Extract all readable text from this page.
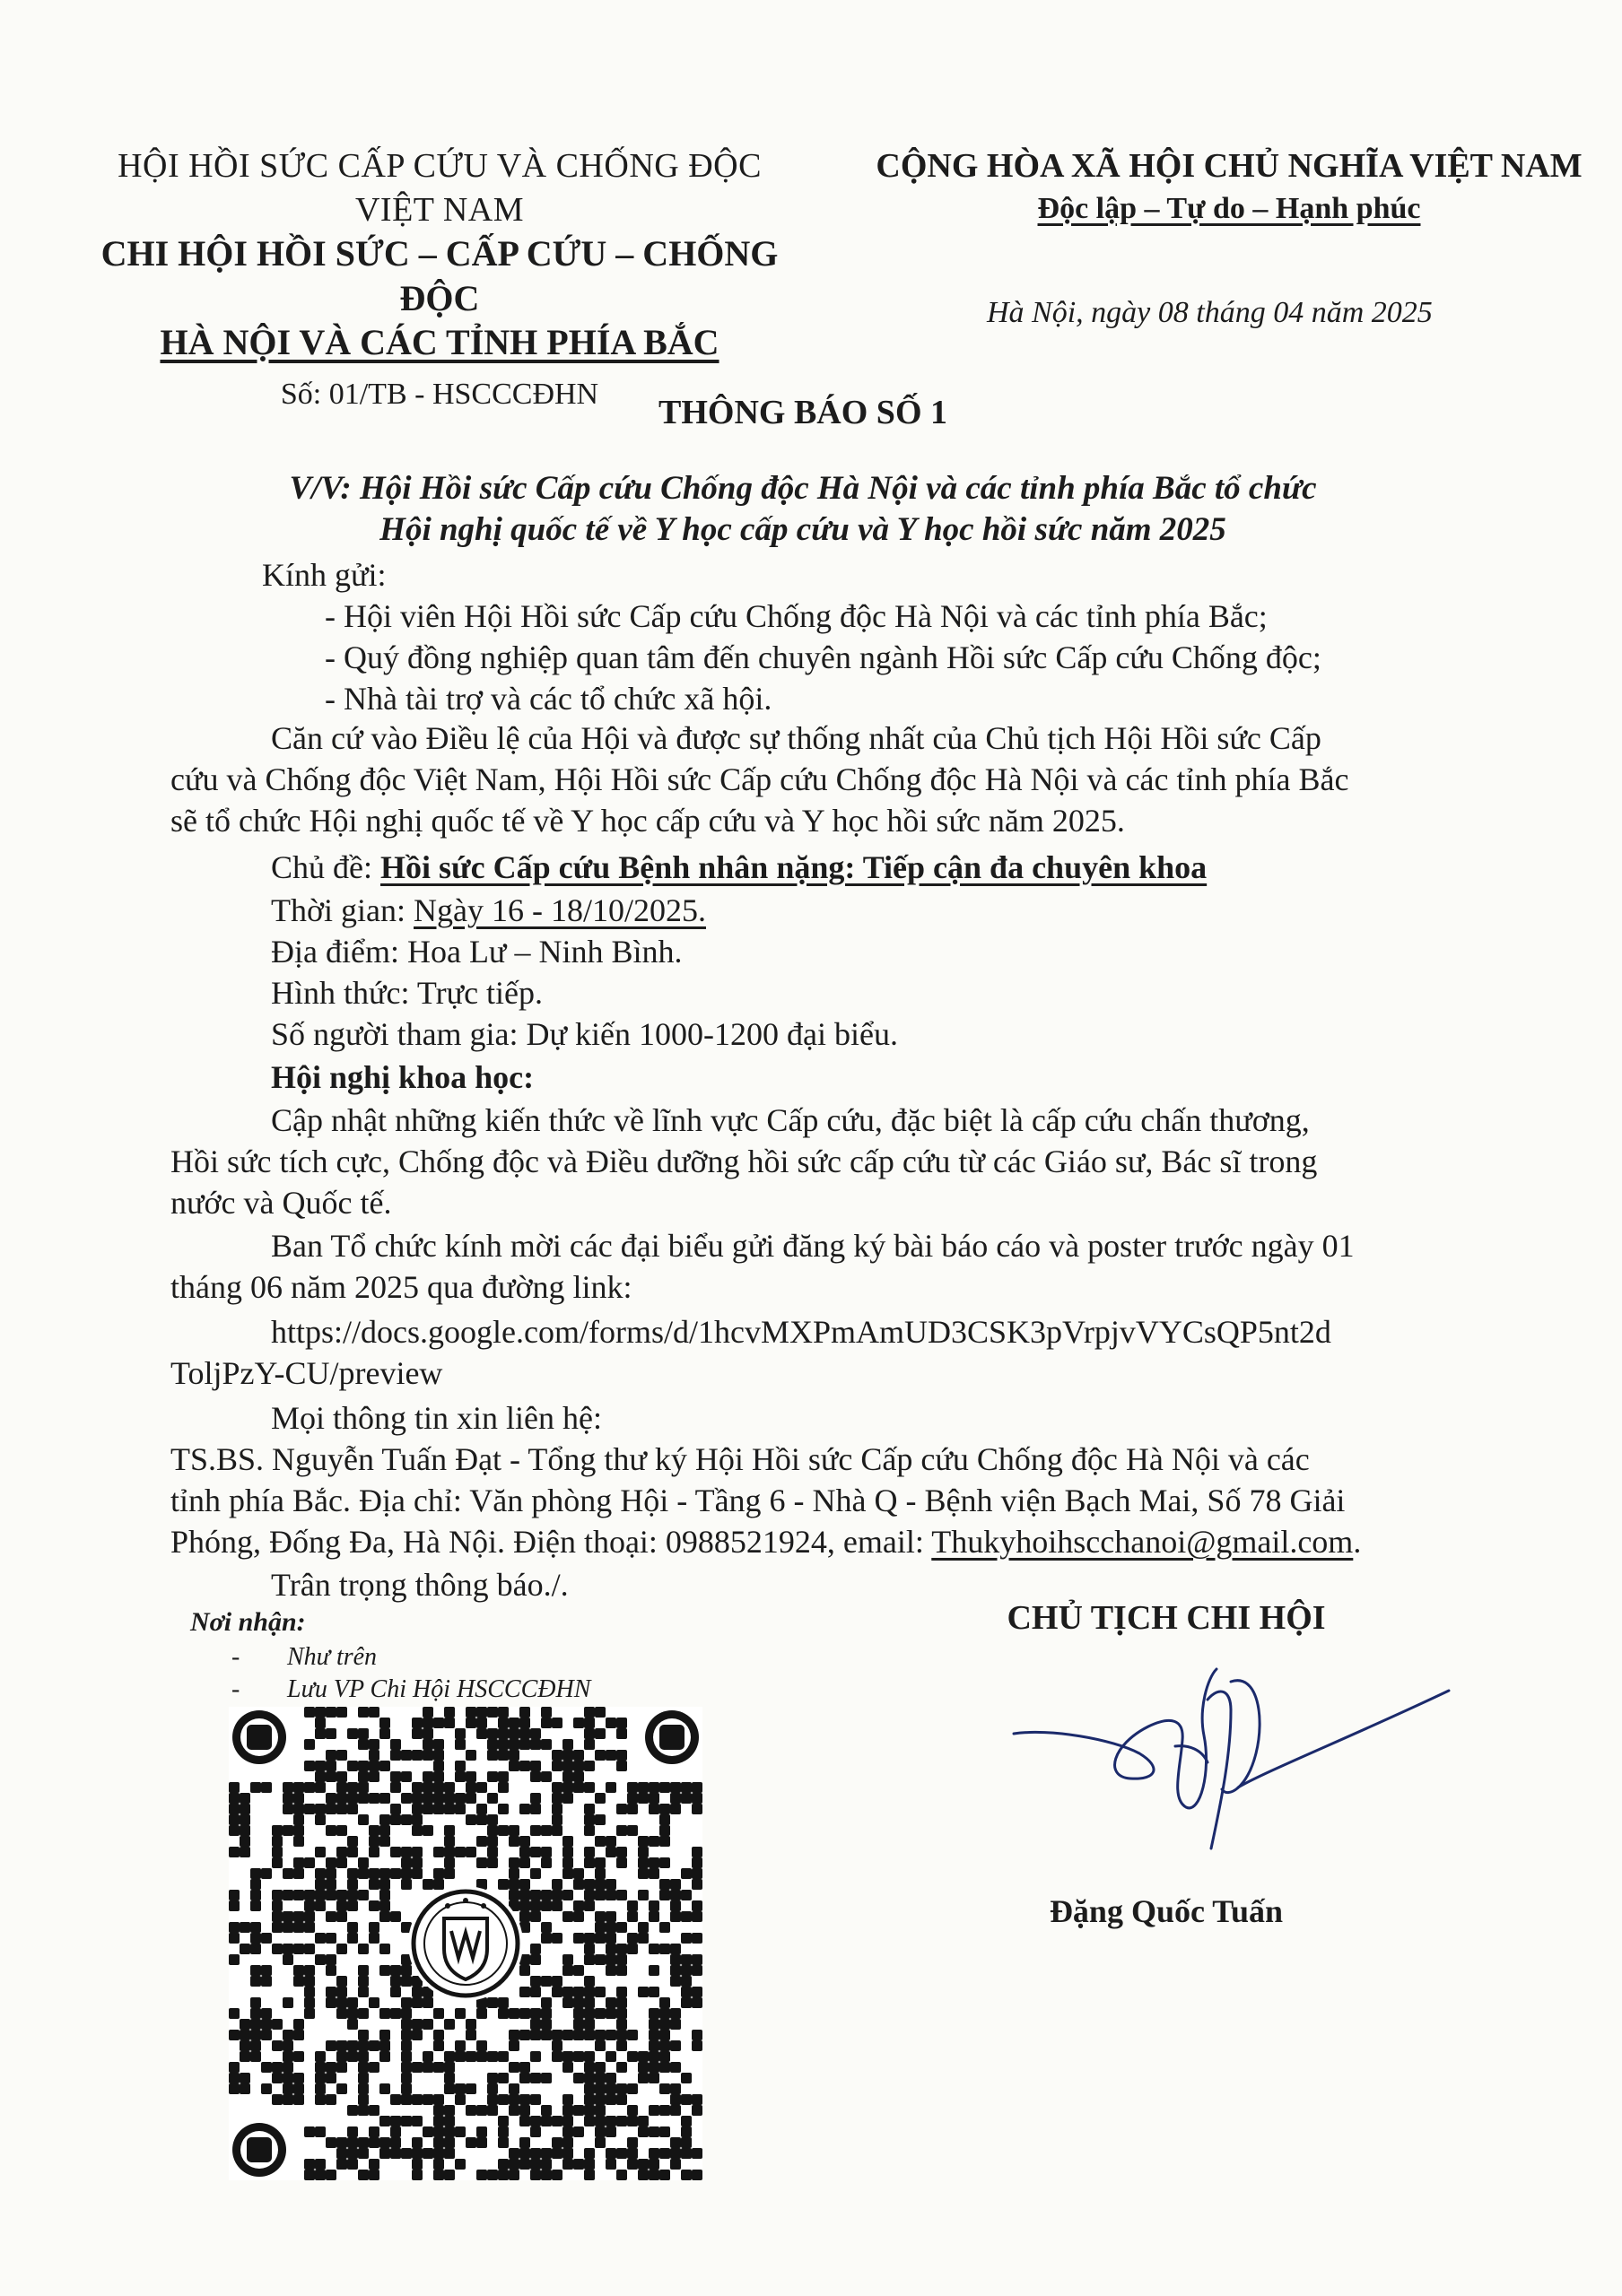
HỘI HỒI SỨC CẤP CỨU VÀ CHỐNG ĐỘC
VIỆT NAM
CHI HỘI HỒI SỨC – CẤP CỨU – CHỐNG ĐỘC
HÀ NỘI VÀ CÁC TỈNH PHÍA BẮC
Số: 01/TB - HSCCCĐHN
CỘNG HÒA XÃ HỘI CHỦ NGHĨA VIỆT NAM
Độc lập – Tự do – Hạnh phúc
Hà Nội, ngày 08 tháng 04 năm 2025
THÔNG BÁO SỐ 1
V/V: Hội Hồi sức Cấp cứu Chống độc Hà Nội và các tỉnh phía Bắc tổ chức
Hội nghị quốc tế về Y học cấp cứu và Y học hồi sức năm 2025
Kính gửi:
- Hội viên Hội Hồi sức Cấp cứu Chống độc Hà Nội và các tỉnh phía Bắc;
- Quý đồng nghiệp quan tâm đến chuyên ngành Hồi sức Cấp cứu Chống độc;
- Nhà tài trợ và các tổ chức xã hội.
Căn cứ vào Điều lệ của Hội và được sự thống nhất của Chủ tịch Hội Hồi sức Cấp
cứu và Chống độc Việt Nam, Hội Hồi sức Cấp cứu Chống độc Hà Nội và các tỉnh phía Bắc
sẽ tổ chức Hội nghị quốc tế về Y học cấp cứu và Y học hồi sức năm 2025.
Chủ đề: Hồi sức Cấp cứu Bệnh nhân nặng: Tiếp cận đa chuyên khoa
Thời gian: Ngày 16 - 18/10/2025.
Địa điểm: Hoa Lư – Ninh Bình.
Hình thức: Trực tiếp.
Số người tham gia: Dự kiến 1000-1200 đại biểu.
Hội nghị khoa học:
Cập nhật những kiến thức về lĩnh vực Cấp cứu, đặc biệt là cấp cứu chấn thương,
Hồi sức tích cực, Chống độc và Điều dưỡng hồi sức cấp cứu từ các Giáo sư, Bác sĩ trong
nước và Quốc tế.
Ban Tổ chức kính mời các đại biểu gửi đăng ký bài báo cáo và poster trước ngày 01
tháng 06 năm 2025 qua đường link:
https://docs.google.com/forms/d/1hcvMXPmAmUD3CSK3pVrpjvVYCsQP5nt2d
ToljPzY-CU/preview
Mọi thông tin xin liên hệ:
TS.BS. Nguyễn Tuấn Đạt - Tổng thư ký Hội Hồi sức Cấp cứu Chống độc Hà Nội và các
tỉnh phía Bắc. Địa chỉ: Văn phòng Hội - Tầng 6 - Nhà Q - Bệnh viện Bạch Mai, Số 78 Giải
Phóng, Đống Đa, Hà Nội. Điện thoại: 0988521924, email: Thukyhoihscchanoi@gmail.com.
Trân trọng thông báo./.
Nơi nhận:
- Như trên
- Lưu VP Chi Hội HSCCCĐHN
CHỦ TỊCH CHI HỘI
Đặng Quốc Tuấn
